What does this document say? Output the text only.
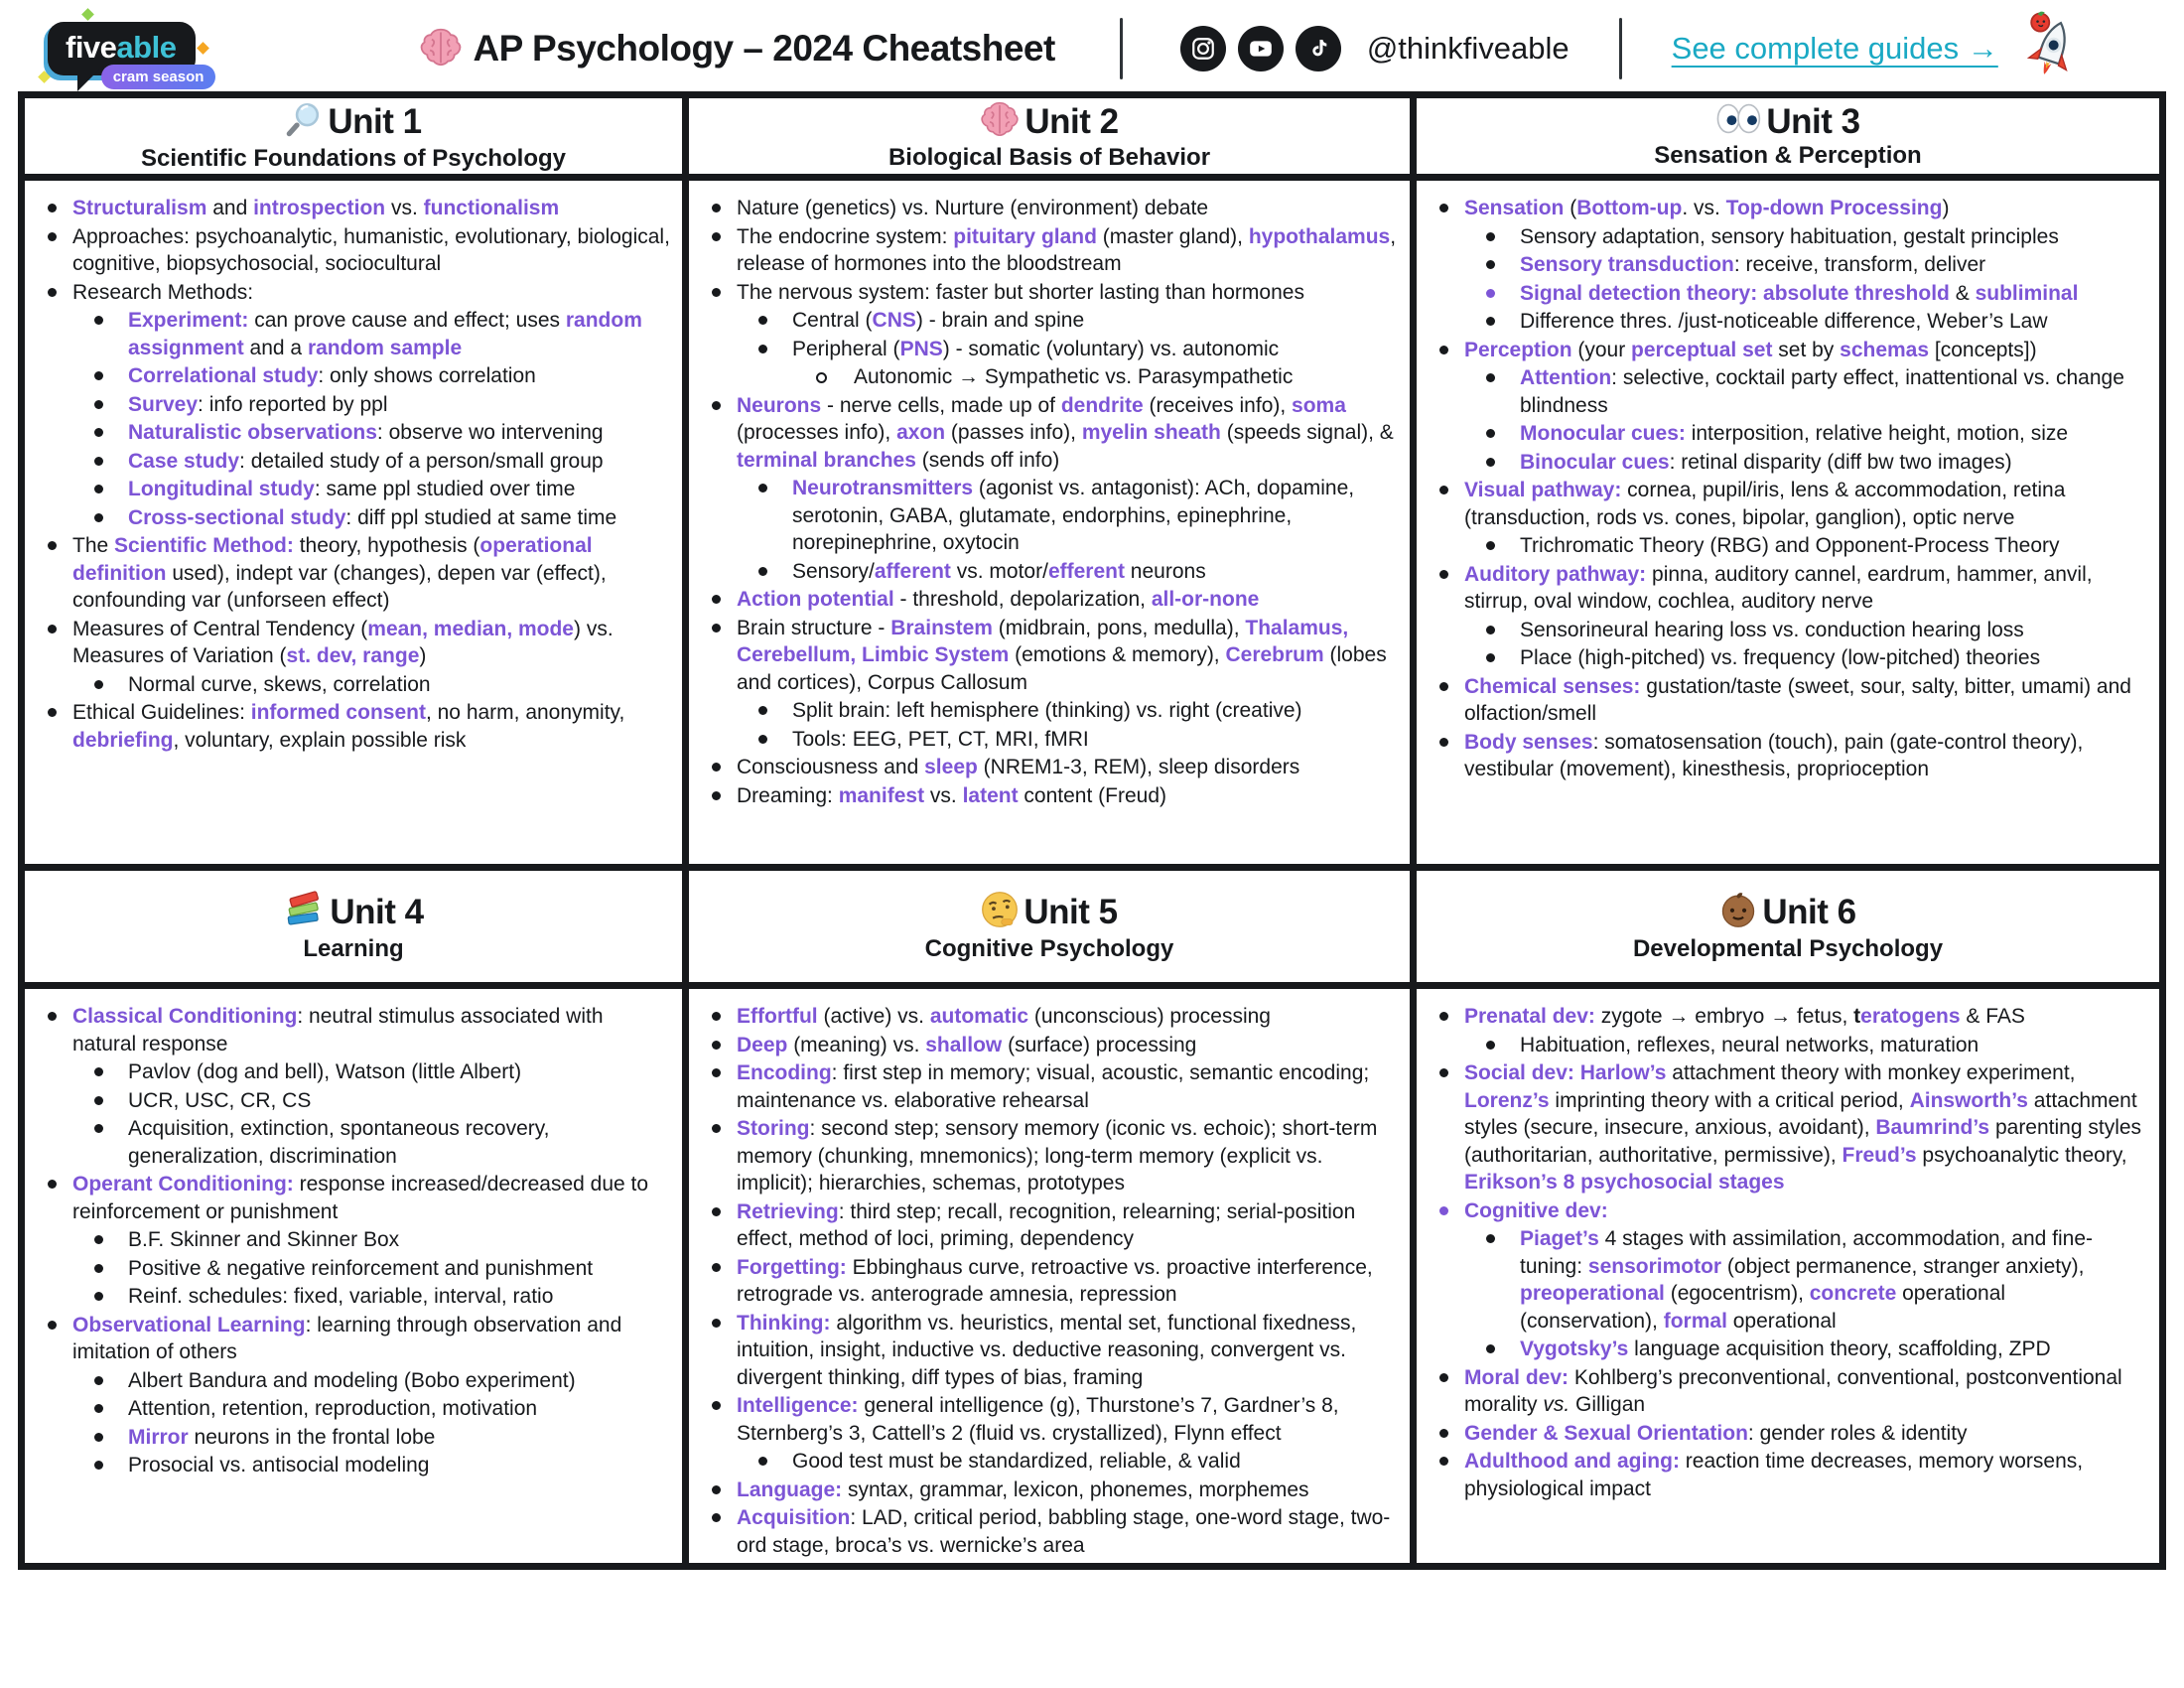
fiveable
cram season
AP Psychology – 2024 Cheatsheet	@thinkfiveable	See complete guides →
Unit 1
Scientific Foundations of Psychology
Unit 2
Biological Basis of Behavior
Unit 3
Sensation & Perception
Structuralism and introspection vs. functionalism
Approaches: psychoanalytic, humanistic, evolutionary, biological, cognitive, biopsychosocial, sociocultural
Research Methods:
Experiment: can prove cause and effect; uses random assignment and a random sample
Correlational study: only shows correlation
Survey: info reported by ppl
Naturalistic observations: observe wo intervening
Case study: detailed study of a person/small group
Longitudinal study: same ppl studied over time
Cross-sectional study: diff ppl studied at same time
The Scientific Method: theory, hypothesis (operational definition used), indept var (changes), depen var (effect), confounding var (unforseen effect)
Measures of Central Tendency (mean, median, mode) vs. Measures of Variation (st. dev, range)
Normal curve, skews, correlation
Ethical Guidelines: informed consent, no harm, anonymity, debriefing, voluntary, explain possible risk
Nature (genetics) vs. Nurture (environment) debate
The endocrine system: pituitary gland (master gland), hypothalamus, release of hormones into the bloodstream
The nervous system: faster but shorter lasting than hormones
Central (CNS) - brain and spine
Peripheral (PNS) - somatic (voluntary) vs. autonomic
Autonomic → Sympathetic vs. Parasympathetic
Neurons - nerve cells, made up of dendrite (receives info), soma (processes info), axon (passes info), myelin sheath (speeds signal), & terminal branches (sends off info)
Neurotransmitters (agonist vs. antagonist): ACh, dopamine, serotonin, GABA, glutamate, endorphins, epinephrine, norepinephrine, oxytocin
Sensory/afferent vs. motor/efferent neurons
Action potential - threshold, depolarization, all-or-none
Brain structure - Brainstem (midbrain, pons, medulla), Thalamus, Cerebellum, Limbic System (emotions & memory), Cerebrum (lobes and cortices), Corpus Callosum
Split brain: left hemisphere (thinking) vs. right (creative)
Tools: EEG, PET, CT, MRI, fMRI
Consciousness and sleep (NREM1-3, REM), sleep disorders
Dreaming: manifest vs. latent content (Freud)
Sensation (Bottom-up. vs. Top-down Processing)
Sensory adaptation, sensory habituation, gestalt principles
Sensory transduction: receive, transform, deliver
Signal detection theory: absolute threshold & subliminal
Difference thres. /just-noticeable difference, Weber’s Law
Perception (your perceptual set set by schemas [concepts])
Attention: selective, cocktail party effect, inattentional vs. change blindness
Monocular cues: interposition, relative height, motion, size
Binocular cues: retinal disparity (diff bw two images)
Visual pathway: cornea, pupil/iris, lens & accommodation, retina (transduction, rods vs. cones, bipolar, ganglion), optic nerve
Trichromatic Theory (RBG) and Opponent-Process Theory
Auditory pathway: pinna, auditory cannel, eardrum, hammer, anvil, stirrup, oval window, cochlea, auditory nerve
Sensorineural hearing loss vs. conduction hearing loss
Place (high-pitched) vs. frequency (low-pitched) theories
Chemical senses: gustation/taste (sweet, sour, salty, bitter, umami) and olfaction/smell
Body senses: somatosensation (touch), pain (gate-control theory), vestibular (movement), kinesthesis, proprioception
Unit 4
Learning
Unit 5
Cognitive Psychology
Unit 6
Developmental Psychology
Classical Conditioning: neutral stimulus associated with natural response
Pavlov (dog and bell), Watson (little Albert)
UCR, USC, CR, CS
Acquisition, extinction, spontaneous recovery, generalization, discrimination
Operant Conditioning: response increased/decreased due to reinforcement or punishment
B.F. Skinner and Skinner Box
Positive & negative reinforcement and punishment
Reinf. schedules: fixed, variable, interval, ratio
Observational Learning: learning through observation and imitation of others
Albert Bandura and modeling (Bobo experiment)
Attention, retention, reproduction, motivation
Mirror neurons in the frontal lobe
Prosocial vs. antisocial modeling
Effortful (active) vs. automatic (unconscious) processing
Deep (meaning) vs. shallow (surface) processing
Encoding: first step in memory; visual, acoustic, semantic encoding; maintenance vs. elaborative rehearsal
Storing: second step; sensory memory (iconic vs. echoic); short-term memory (chunking, mnemonics); long-term memory (explicit vs. implicit); hierarchies, schemas, prototypes
Retrieving: third step; recall, recognition, relearning; serial-position effect, method of loci, priming, dependency
Forgetting: Ebbinghaus curve, retroactive vs. proactive interference, retrograde vs. anterograde amnesia, repression
Thinking: algorithm vs. heuristics, mental set, functional fixedness, intuition, insight, inductive vs. deductive reasoning, convergent vs. divergent thinking, diff types of bias, framing
Intelligence: general intelligence (g), Thurstone’s 7, Gardner’s 8, Sternberg’s 3, Cattell’s 2 (fluid vs. crystallized), Flynn effect
Good test must be standardized, reliable, & valid
Language: syntax, grammar, lexicon, phonemes, morphemes
Acquisition: LAD, critical period, babbling stage, one-word stage, two-ord stage, broca’s vs. wernicke’s area
Prenatal dev: zygote → embryo → fetus, teratogens & FAS
Habituation, reflexes, neural networks, maturation
Social dev: Harlow’s attachment theory with monkey experiment, Lorenz’s imprinting theory with a critical period, Ainsworth’s attachment styles (secure, insecure, anxious, avoidant), Baumrind’s parenting styles (authoritarian, authoritative, permissive), Freud’s psychoanalytic theory, Erikson’s 8 psychosocial stages
Cognitive dev:
Piaget’s 4 stages with assimilation, accommodation, and fine-tuning: sensorimotor (object permanence, stranger anxiety), preoperational (egocentrism), concrete operational (conservation), formal operational
Vygotsky’s language acquisition theory, scaffolding, ZPD
Moral dev: Kohlberg’s preconventional, conventional, postconventional morality vs. Gilligan
Gender & Sexual Orientation: gender roles & identity
Adulthood and aging: reaction time decreases, memory worsens, physiological impact
